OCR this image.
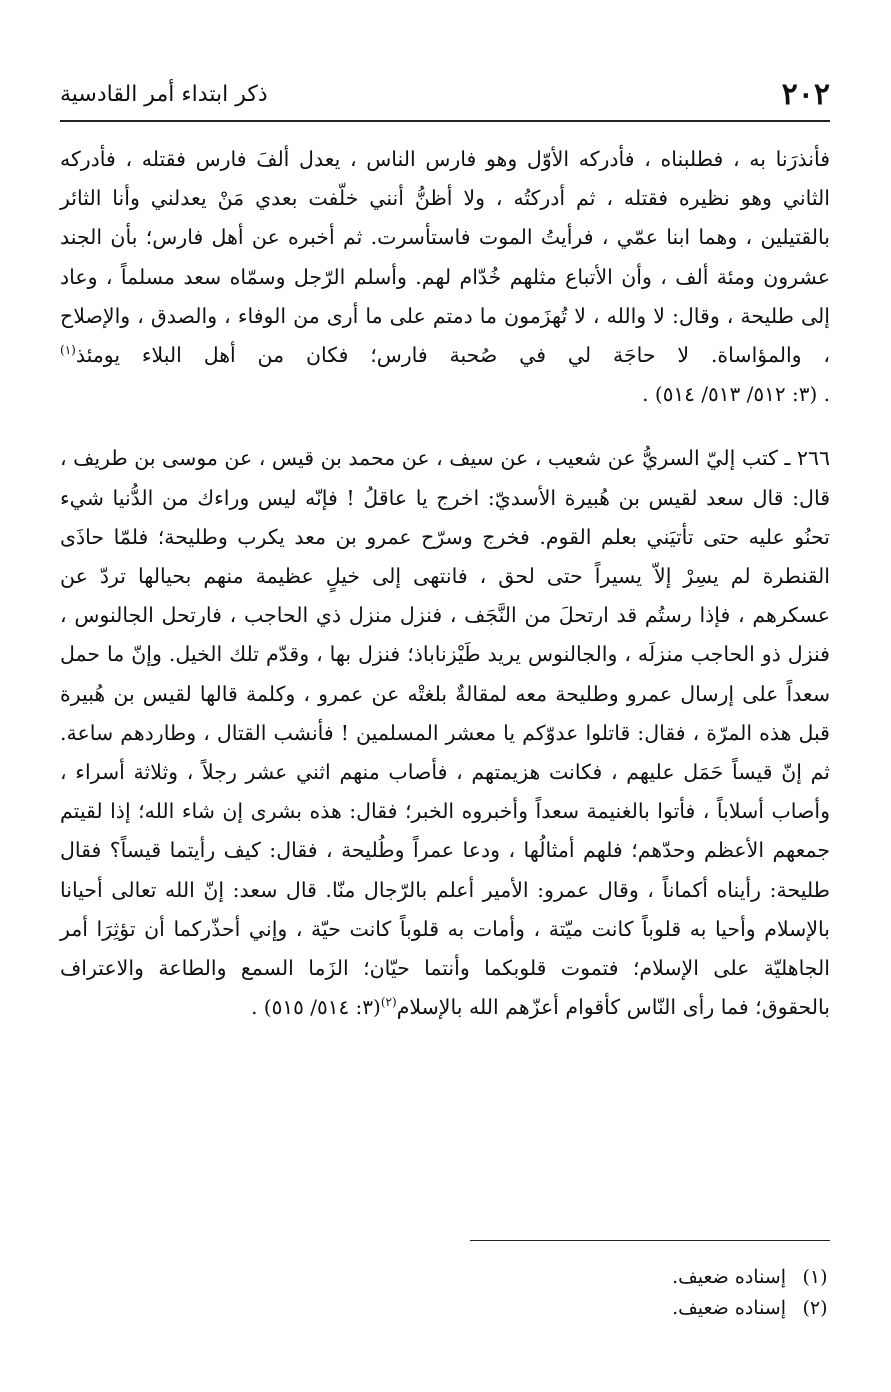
٢٠٢
ذكر ابتداء أمر القادسية

فأنذرَنا به ، فطلبناه ، فأدركه الأوّل وهو فارس الناس ، يعدل ألفَ فارس فقتله ، فأدركه الثاني وهو نظيره فقتله ، ثم أدركتُه ، ولا أظنُّ أنني خلّفت بعدي مَنْ يعدلني وأنا الثائر بالقتيلين ، وهما ابنا عمّي ، فرأيتُ الموت فاستأسرت. ثم أخبره عن أهل فارس؛ بأن الجند عشرون ومئة ألف ، وأن الأتباع مثلهم خُدّام لهم. وأسلم الرّجل وسمّاه سعد مسلماً ، وعاد إلى طليحة ، وقال: لا والله ، لا تُهزَمون ما دمتم على ما أرى من الوفاء ، والصدق ، والإصلاح ، والمؤاساة. لا حاجَة لي في صُحبة فارس؛ فكان من أهل البلاء يومئذ$^{(١)}$ . (٣: ٥١٢/ ٥١٣/ ٥١٤) .

٢٦٦ ـ كتب إليّ السريُّ عن شعيب ، عن سيف ، عن محمد بن قيس ، عن موسى بن طريف ، قال: قال سعد لقيس بن هُبيرة الأسديّ: اخرج يا عاقلُ ! فإنّه ليس وراءك من الدُّنيا شيء تحنُو عليه حتى تأتيَني بعلم القوم. فخرج وسرّح عمرو بن معد يكرب وطليحة؛ فلمّا حاذَى القنطرة لم يسِرْ إلاّ يسيراً حتى لحق ، فانتهى إلى خيلٍ عظيمة منهم بحيالها تردّ عن عسكرهم ، فإذا رستُم قد ارتحلَ من النَّجَف ، فنزل منزل ذي الحاجب ، فارتحل الجالنوس ، فنزل ذو الحاجب منزلَه ، والجالنوس يريد طَيْزناباذ؛ فنزل بها ، وقدّم تلك الخيل. وإنّ ما حمل سعداً على إرسال عمرو وطليحة معه لمقالةٌ بلغتْه عن عمرو ، وكلمة قالها لقيس بن هُبيرة قبل هذه المرّة ، فقال: قاتلوا عدوّكم يا معشر المسلمين ! فأنشب القتال ، وطاردهم ساعة. ثم إنّ قيساً حَمَل عليهم ، فكانت هزيمتهم ، فأصاب منهم اثني عشر رجلاً ، وثلاثة أسراء ، وأصاب أسلاباً ، فأتوا بالغنيمة سعداً وأخبروه الخبر؛ فقال: هذه بشرى إن شاء الله؛ إذا لقيتم جمعهم الأعظم وحدّهم؛ فلهم أمثالُها ، ودعا عمراً وطُليحة ، فقال: كيف رأيتما قيساً؟ فقال طليحة: رأيناه أكماناً ، وقال عمرو: الأمير أعلم بالرّجال منّا. قال سعد: إنّ الله تعالى أحيانا بالإسلام وأحيا به قلوباً كانت ميّتة ، وأمات به قلوباً كانت حيّة ، وإني أحذّركما أن تؤثِرَا أمر الجاهليّة على الإسلام؛ فتموت قلوبكما وأنتما حيّان؛ الزَما السمع والطاعة والاعتراف بالحقوق؛ فما رأى النّاس كأقوام أعزّهم الله بالإسلام$^{(٢)}$(٣: ٥١٤/ ٥١٥) .

(١)إسناده ضعيف.

(٢)إسناده ضعيف.
